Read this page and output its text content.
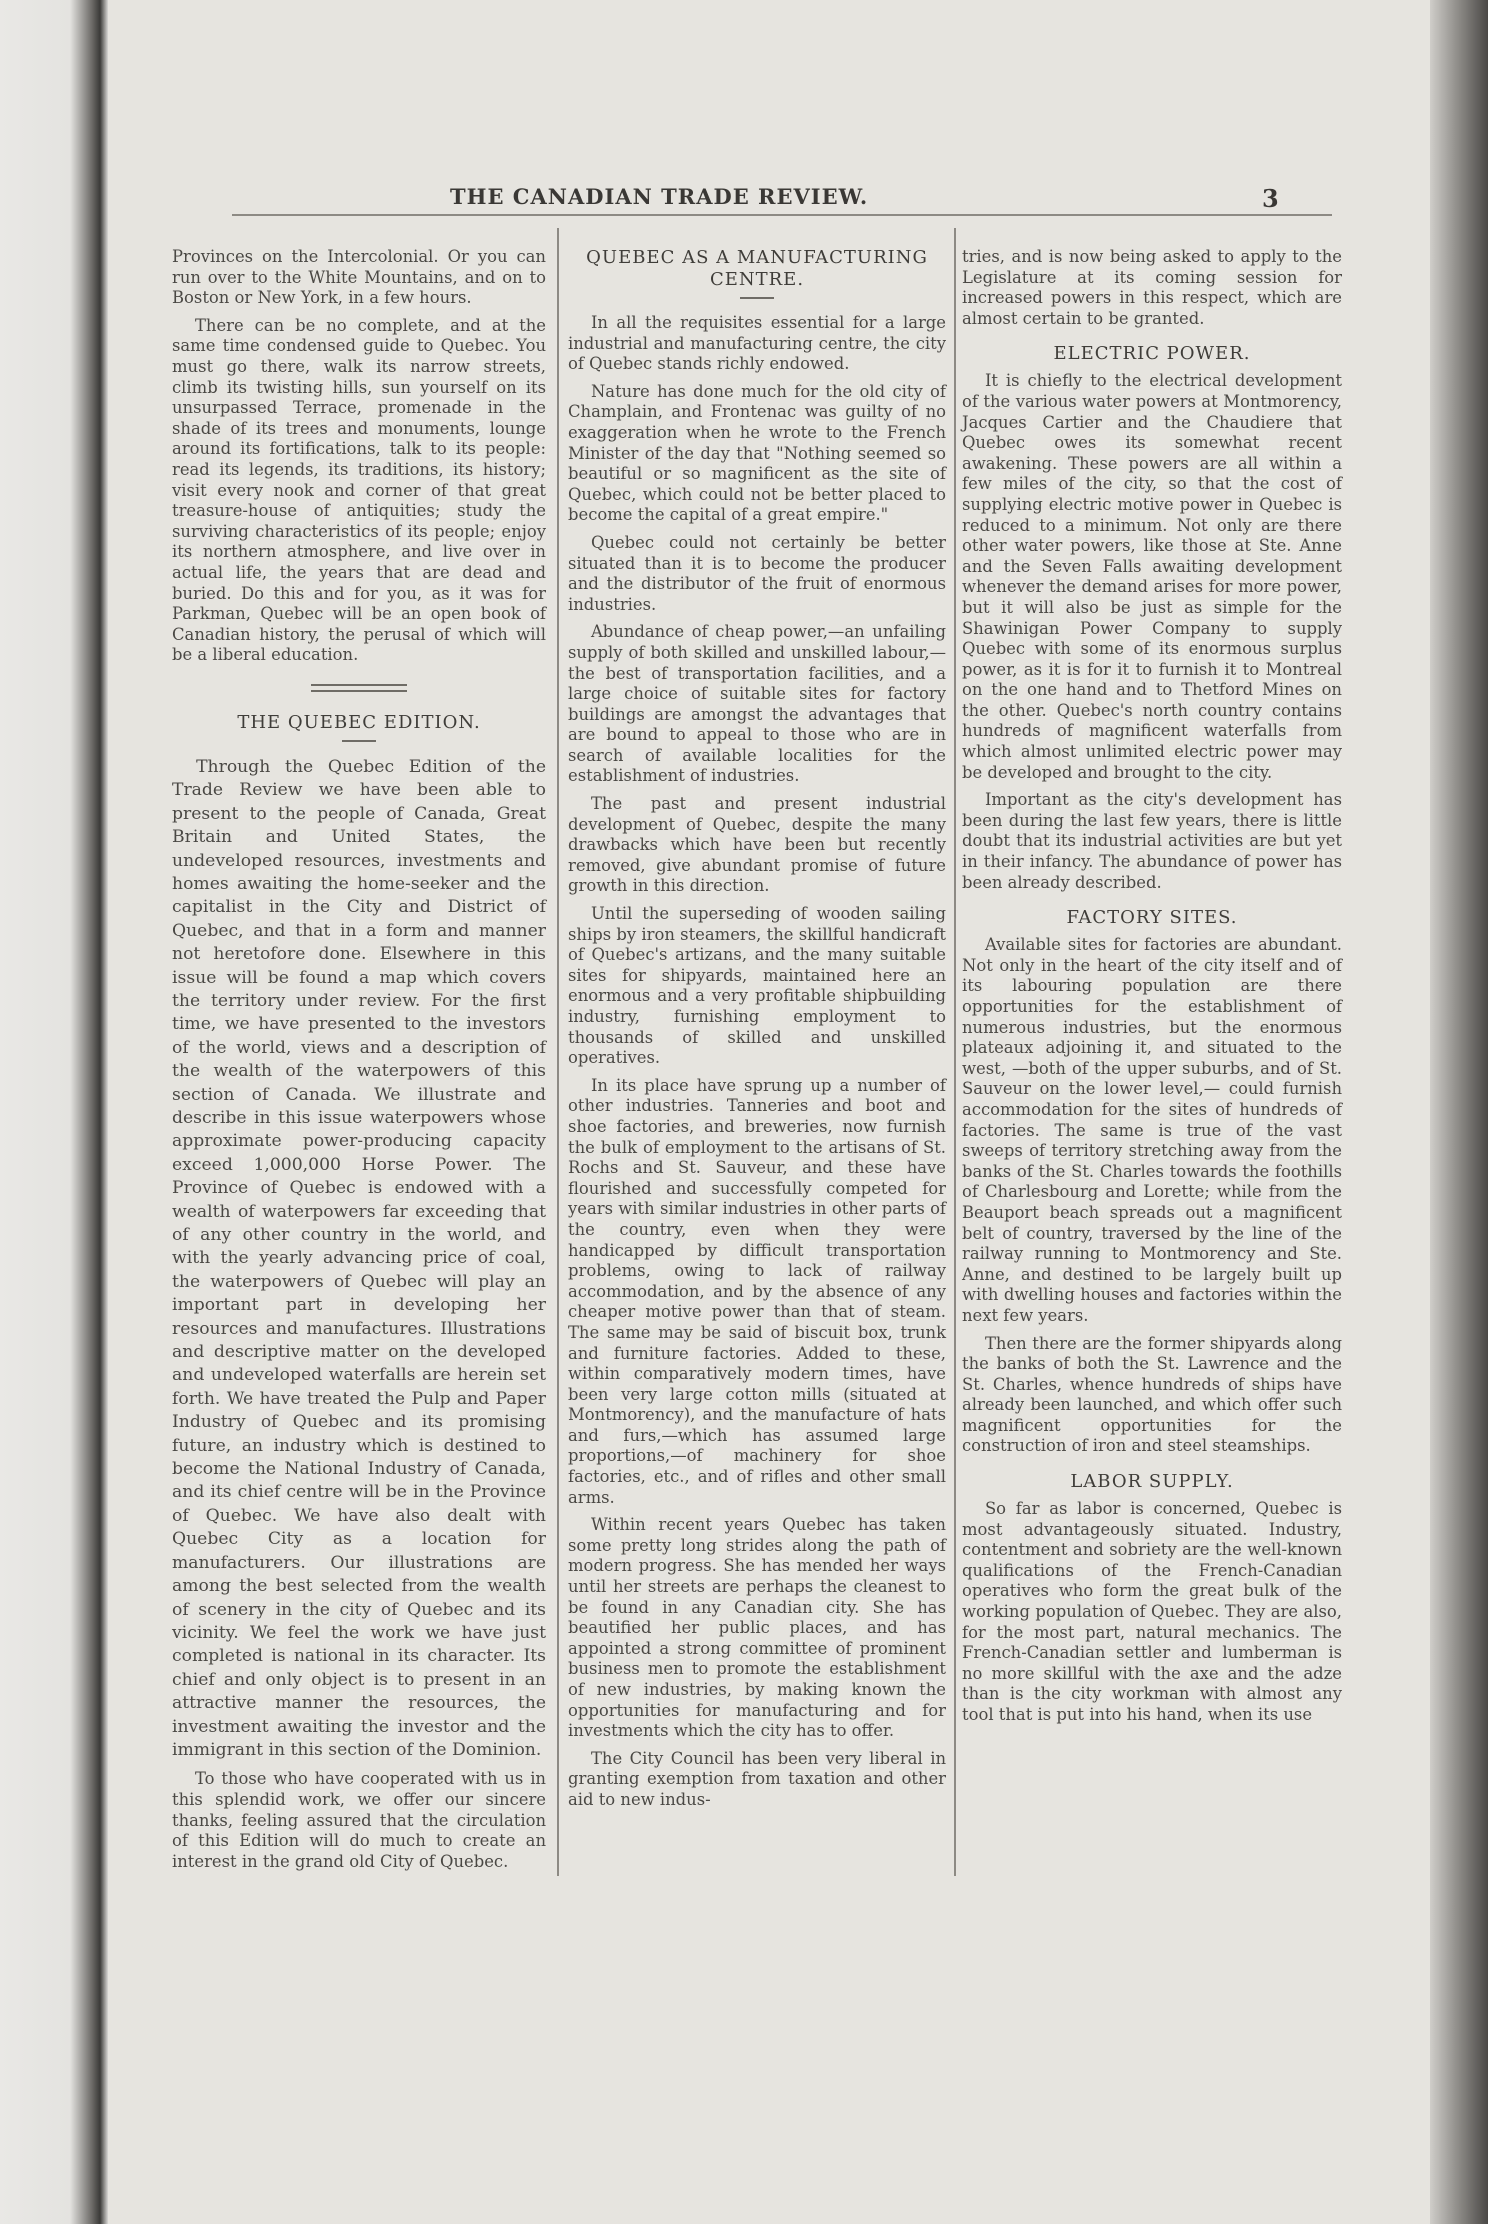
THE CANADIAN TRADE REVIEW.	3

Provinces on the Intercolonial. Or you can run over to the White Mountains, and on to Boston or New York, in a few hours.

There can be no complete, and at the same time condensed guide to Quebec. You must go there, walk its narrow streets, climb its twisting hills, sun yourself on its unsurpassed Terrace, promenade in the shade of its trees and monuments, lounge around its fortifications, talk to its people: read its legends, its traditions, its history; visit every nook and corner of that great treasure-house of antiquities; study the surviving characteristics of its people; enjoy its northern atmosphere, and live over in actual life, the years that are dead and buried. Do this and for you, as it was for Parkman, Quebec will be an open book of Canadian history, the perusal of which will be a liberal education.

THE QUEBEC EDITION.

Through the Quebec Edition of the Trade Review we have been able to present to the people of Canada, Great Britain and United States, the undeveloped resources, investments and homes awaiting the home-seeker and the capitalist in the City and District of Quebec, and that in a form and manner not heretofore done. Elsewhere in this issue will be found a map which covers the territory under review. For the first time, we have presented to the investors of the world, views and a description of the wealth of the waterpowers of this section of Canada. We illustrate and describe in this issue waterpowers whose approximate power-producing capacity exceed 1,000,000 Horse Power. The Province of Quebec is endowed with a wealth of waterpowers far exceeding that of any other country in the world, and with the yearly advancing price of coal, the waterpowers of Quebec will play an important part in developing her resources and manufactures. Illustrations and descriptive matter on the developed and undeveloped waterfalls are herein set forth. We have treated the Pulp and Paper Industry of Quebec and its promising future, an industry which is destined to become the National Industry of Canada, and its chief centre will be in the Province of Quebec. We have also dealt with Quebec City as a location for manufacturers. Our illustrations are among the best selected from the wealth of scenery in the city of Quebec and its vicinity. We feel the work we have just completed is national in its character. Its chief and only object is to present in an attractive manner the resources, the investment awaiting the investor and the immigrant in this section of the Dominion.

To those who have cooperated with us in this splendid work, we offer our sincere thanks, feeling assured that the circulation of this Edition will do much to create an interest in the grand old City of Quebec.

QUEBEC AS A MANUFACTURING CENTRE.

In all the requisites essential for a large industrial and manufacturing centre, the city of Quebec stands richly endowed.

Nature has done much for the old city of Champlain, and Frontenac was guilty of no exaggeration when he wrote to the French Minister of the day that "Nothing seemed so beautiful or so magnificent as the site of Quebec, which could not be better placed to become the capital of a great empire."

Quebec could not certainly be better situated than it is to become the producer and the distributor of the fruit of enormous industries.

Abundance of cheap power,—an unfailing supply of both skilled and unskilled labour,—the best of transportation facilities, and a large choice of suitable sites for factory buildings are amongst the advantages that are bound to appeal to those who are in search of available localities for the establishment of industries.

The past and present industrial development of Quebec, despite the many drawbacks which have been but recently removed, give abundant promise of future growth in this direction.

Until the superseding of wooden sailing ships by iron steamers, the skillful handicraft of Quebec's artizans, and the many suitable sites for shipyards, maintained here an enormous and a very profitable shipbuilding industry, furnishing employment to thousands of skilled and unskilled operatives.

In its place have sprung up a number of other industries. Tanneries and boot and shoe factories, and breweries, now furnish the bulk of employment to the artisans of St. Rochs and St. Sauveur, and these have flourished and successfully competed for years with similar industries in other parts of the country, even when they were handicapped by difficult transportation problems, owing to lack of railway accommodation, and by the absence of any cheaper motive power than that of steam. The same may be said of biscuit box, trunk and furniture factories. Added to these, within comparatively modern times, have been very large cotton mills (situated at Montmorency), and the manufacture of hats and furs,—which has assumed large proportions,—of machinery for shoe factories, etc., and of rifles and other small arms.

Within recent years Quebec has taken some pretty long strides along the path of modern progress. She has mended her ways until her streets are perhaps the cleanest to be found in any Canadian city. She has beautified her public places, and has appointed a strong committee of prominent business men to promote the establishment of new industries, by making known the opportunities for manufacturing and for investments which the city has to offer.

The City Council has been very liberal in granting exemption from taxation and other aid to new indus-

tries, and is now being asked to apply to the Legislature at its coming session for increased powers in this respect, which are almost certain to be granted.

ELECTRIC POWER.

It is chiefly to the electrical development of the various water powers at Montmorency, Jacques Cartier and the Chaudiere that Quebec owes its somewhat recent awakening. These powers are all within a few miles of the city, so that the cost of supplying electric motive power in Quebec is reduced to a minimum. Not only are there other water powers, like those at Ste. Anne and the Seven Falls awaiting development whenever the demand arises for more power, but it will also be just as simple for the Shawinigan Power Company to supply Quebec with some of its enormous surplus power, as it is for it to furnish it to Montreal on the one hand and to Thetford Mines on the other. Quebec's north country contains hundreds of magnificent waterfalls from which almost unlimited electric power may be developed and brought to the city.

Important as the city's development has been during the last few years, there is little doubt that its industrial activities are but yet in their infancy. The abundance of power has been already described.

FACTORY SITES.

Available sites for factories are abundant. Not only in the heart of the city itself and of its labouring population are there opportunities for the establishment of numerous industries, but the enormous plateaux adjoining it, and situated to the west, —both of the upper suburbs, and of St. Sauveur on the lower level,— could furnish accommodation for the sites of hundreds of factories. The same is true of the vast sweeps of territory stretching away from the banks of the St. Charles towards the foothills of Charlesbourg and Lorette; while from the Beauport beach spreads out a magnificent belt of country, traversed by the line of the railway running to Montmorency and Ste. Anne, and destined to be largely built up with dwelling houses and factories within the next few years.

Then there are the former shipyards along the banks of both the St. Lawrence and the St. Charles, whence hundreds of ships have already been launched, and which offer such magnificent opportunities for the construction of iron and steel steamships.

LABOR SUPPLY.

So far as labor is concerned, Quebec is most advantageously situated. Industry, contentment and sobriety are the well-known qualifications of the French-Canadian operatives who form the great bulk of the working population of Quebec. They are also, for the most part, natural mechanics. The French-Canadian settler and lumberman is no more skillful with the axe and the adze than is the city workman with almost any tool that is put into his hand, when its use
